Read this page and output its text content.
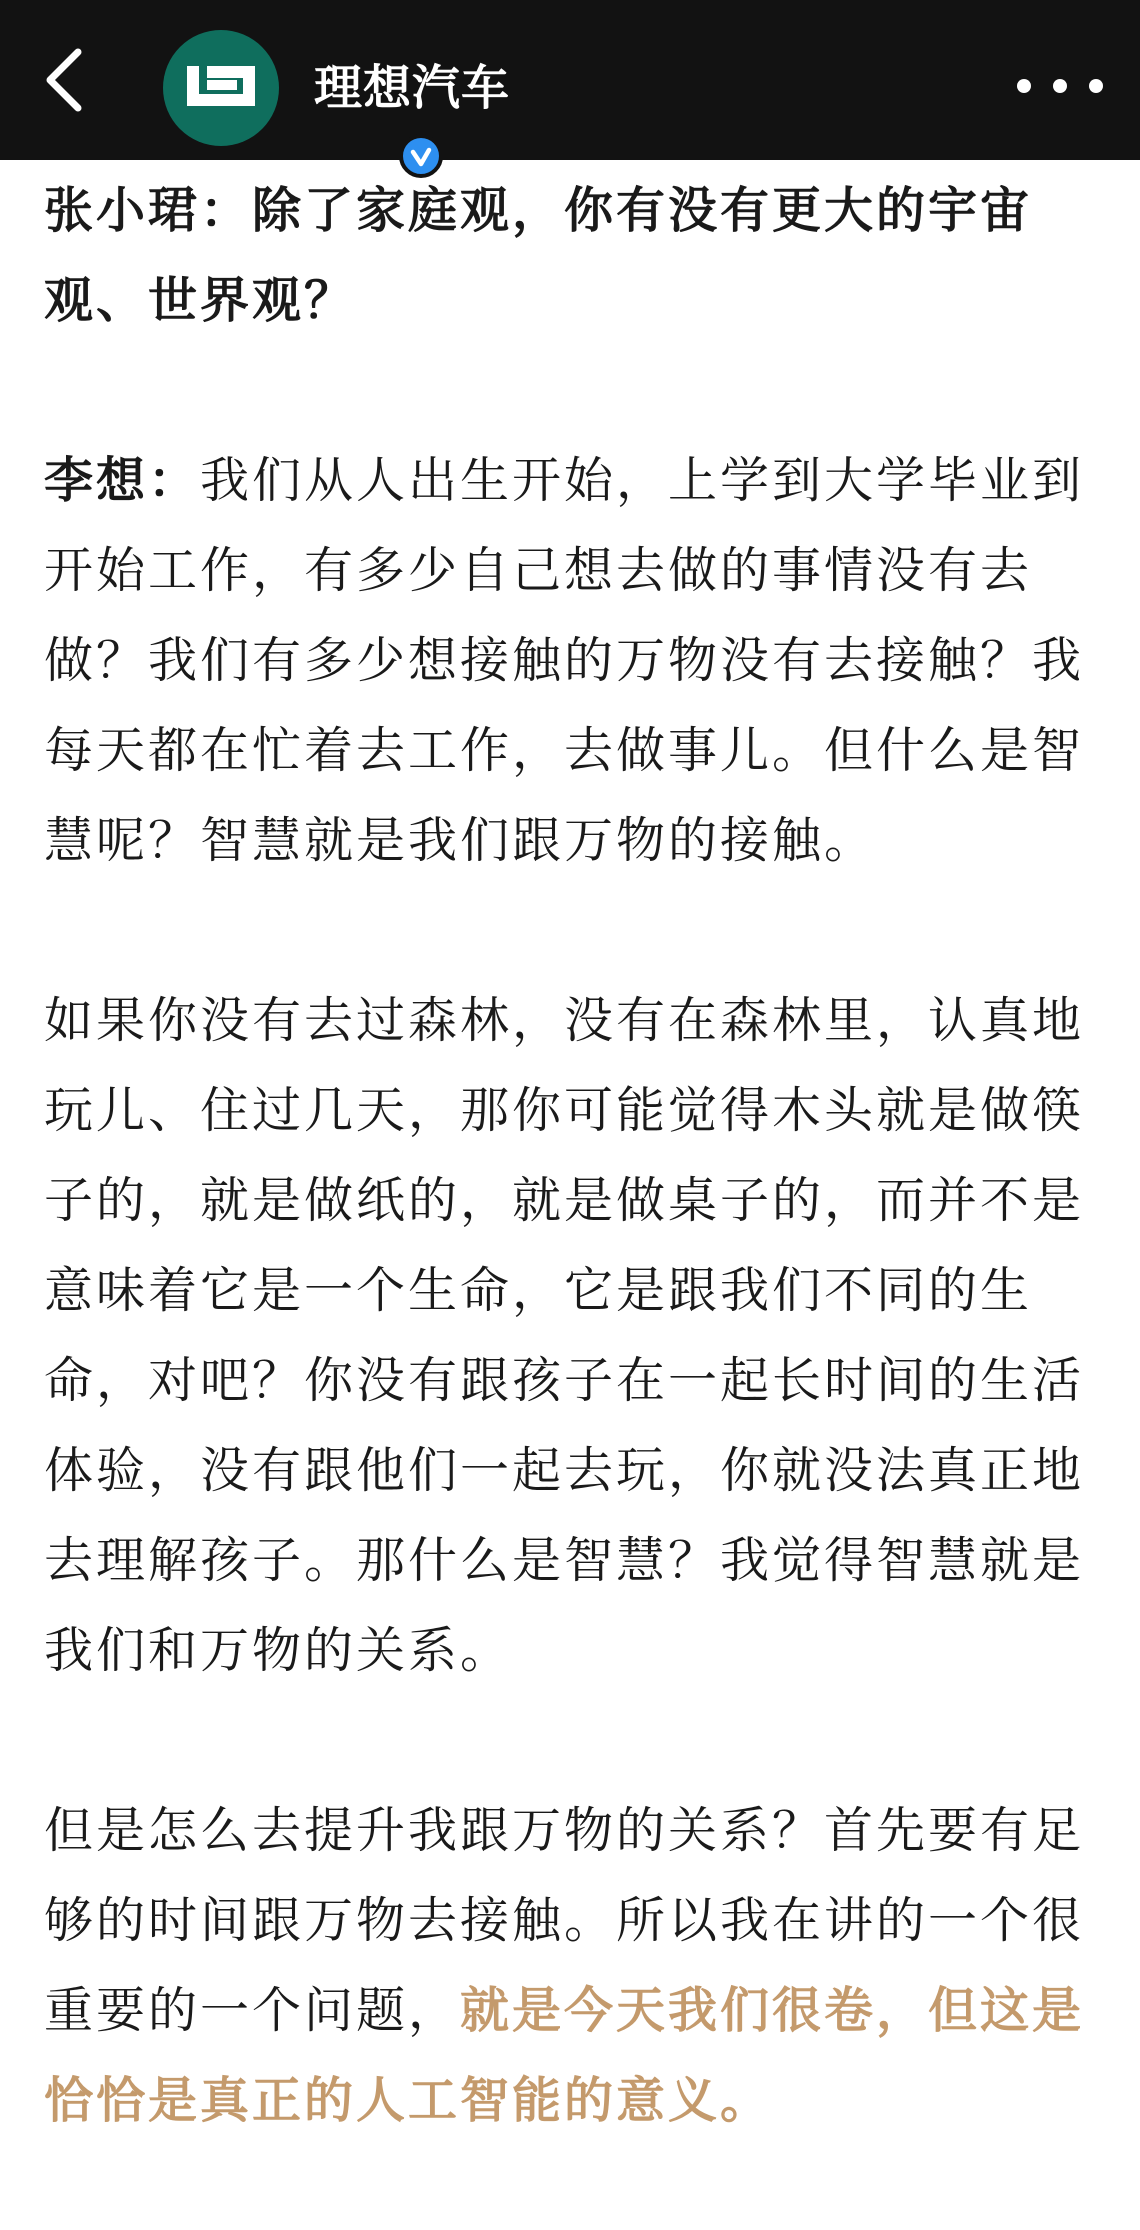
理想汽车

张小珺：除了家庭观，你有没有更大的宇宙观、世界观？

李想：我们从人出生开始，上学到大学毕业到开始工作，有多少自己想去做的事情没有去做？我们有多少想接触的万物没有去接触？我每天都在忙着去工作，去做事儿。但什么是智慧呢？智慧就是我们跟万物的接触。

如果你没有去过森林，没有在森林里，认真地玩儿、住过几天，那你可能觉得木头就是做筷子的，就是做纸的，就是做桌子的，而并不是意味着它是一个生命，它是跟我们不同的生命，对吧？你没有跟孩子在一起长时间的生活体验，没有跟他们一起去玩，你就没法真正地去理解孩子。那什么是智慧？我觉得智慧就是我们和万物的关系。

但是怎么去提升我跟万物的关系？首先要有足够的时间跟万物去接触。所以我在讲的一个很重要的一个问题，就是今天我们很卷，但这是恰恰是真正的人工智能的意义。
